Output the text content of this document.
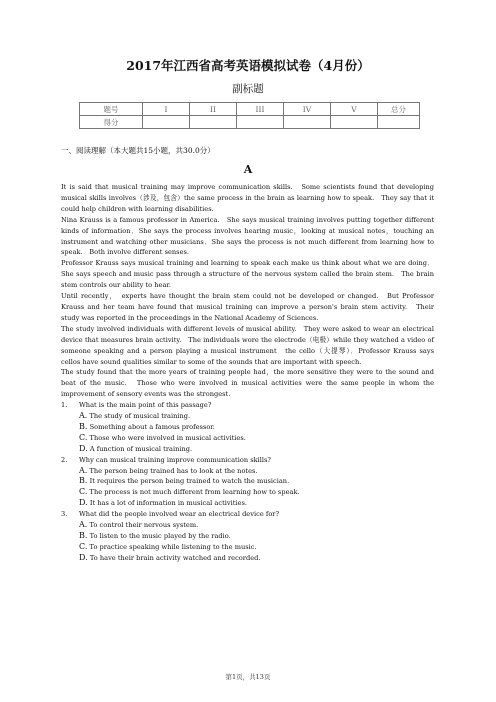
2017年江西省高考英语模拟试卷（4月份）
副标题
题号	I	II	III	IV	V	总分
得分						
一、阅读理解（本大题共15小题，共30.0分）
A

It is said that musical training may improve communication skills.　Some scientists found that developing musical skills involves（涉及，包含）the same process in the brain as learning how to speak.　They say that it could help children with learning disabilities.

Nina Krauss is a famous professor in America.　She says musical training involves putting together different kinds of information．She says the process involves hearing music，looking at musical notes，touching an instrument and watching other musicians．She says the process is not much different from learning how to speak.　Both involve different senses.

Professor Krauss says musical training and learning to speak each make us think about what we are doing．She says speech and music pass through a structure of the nervous system called the brain stem.　The brain stem controls our ability to hear.

Until recently，　experts have thought the brain stem could not be developed or changed.　But Professor Krauss and her team have found that musical training can improve a person's brain stem activity.　Their study was reported in the proceedings in the National Academy of Sciences.

The study involved individuals with different levels of musical ability.　They were asked to wear an electrical device that measures brain activity.　The individuals wore the electrode（电极）while they watched a video of someone speaking and a person playing a musical instrument　the cello（大提琴）．Professor Krauss says cellos have sound qualities similar to some of the sounds that are important with speech.

The study found that the more years of training people had，the more sensitive they were to the sound and beat of the music.　Those who were involved in musical activities were the same people in whom the improvement of sensory events was the strongest.

1.	What is the main point of this passage?
A. The study of musical training.
B. Something about a famous professor.
C. Those who were involved in musical activities.
D. A function of musical training.
2.	Why can musical training improve communication skills?
A. The person being trained has to look at the notes.
B. It requires the person being trained to watch the musician.
C. The process is not much different from learning how to speak.
D. It has a lot of information in musical activities.
3.	What did the people involved wear an electrical device for?
A. To control their nervous system.
B. To listen to the music played by the radio.
C. To practice speaking while listening to the music.
D. To have their brain activity watched and recorded.
第1页，共13页
